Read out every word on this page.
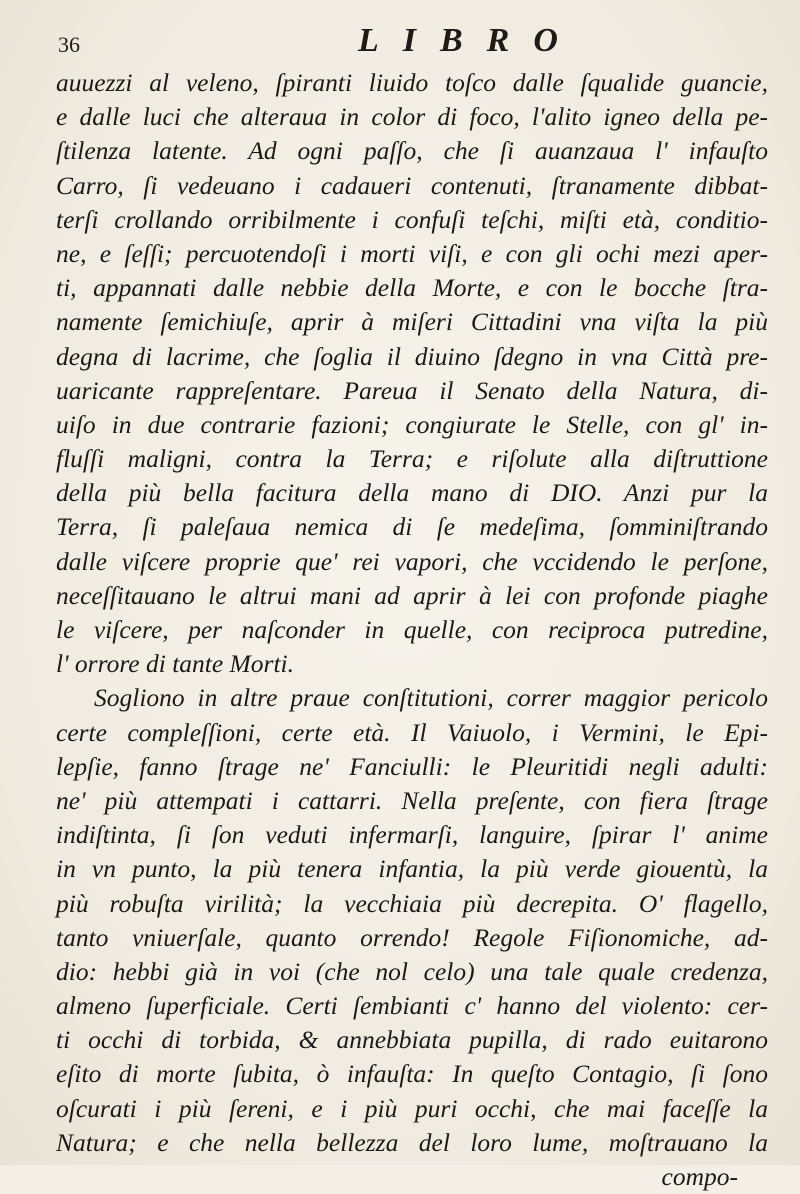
36	LIBRO
auuezzi al veleno, ſpiranti liuido toſco dalle ſqualide guancie,
e dalle luci che alteraua in color di foco, l'alito igneo della pe-
ſtilenza latente. Ad ogni paſſo, che ſi auanzaua l' infauſto
Carro, ſi vedeuano i cadaueri contenuti, ſtranamente dibbat-
terſi crollando orribilmente i confuſi teſchi, miſti età, conditio-
ne, e ſeſſi; percuotendoſi i morti viſi, e con gli ochi mezi aper-
ti, appannati dalle nebbie della Morte, e con le bocche ſtra-
namente ſemichiuſe, aprir à miſeri Cittadini vna viſta la più
degna di lacrime, che ſoglia il diuino ſdegno in vna Città pre-
uaricante rappreſentare. Pareua il Senato della Natura, di-
uiſo in due contrarie fazioni; congiurate le Stelle, con gl' in-
fluſſi maligni, contra la Terra; e riſolute alla diſtruttione
della più bella facitura della mano di DIO. Anzi pur la
Terra, ſi paleſaua nemica di ſe medeſima, ſomminiſtrando
dalle viſcere proprie que' rei vapori, che vccidendo le perſone,
neceſſitauano le altrui mani ad aprir à lei con profonde piaghe
le viſcere, per naſconder in quelle, con reciproca putredine,
l' orrore di tante Morti.
Sogliono in altre praue conſtitutioni, correr maggior pericolo
certe compleſſioni, certe età. Il Vaiuolo, i Vermini, le Epi-
lepſie, fanno ſtrage ne' Fanciulli: le Pleuritidi negli adulti:
ne' più attempati i cattarri. Nella preſente, con fiera ſtrage
indiſtinta, ſi ſon veduti infermarſi, languire, ſpirar l' anime
in vn punto, la più tenera infantia, la più verde giouentù, la
più robuſta virilità; la vecchiaia più decrepita. O' flagello,
tanto vniuerſale, quanto orrendo! Regole Fiſionomiche, ad-
dio: hebbi già in voi (che nol celo) una tale quale credenza,
almeno ſuperficiale. Certi ſembianti c' hanno del violento: cer-
ti occhi di torbida, & annebbiata pupilla, di rado euitarono
eſito di morte ſubita, ò infauſta: In queſto Contagio, ſi ſono
oſcurati i più ſereni, e i più puri occhi, che mai faceſſe la
Natura; e che nella bellezza del loro lume, moſtrauano la
compo-
